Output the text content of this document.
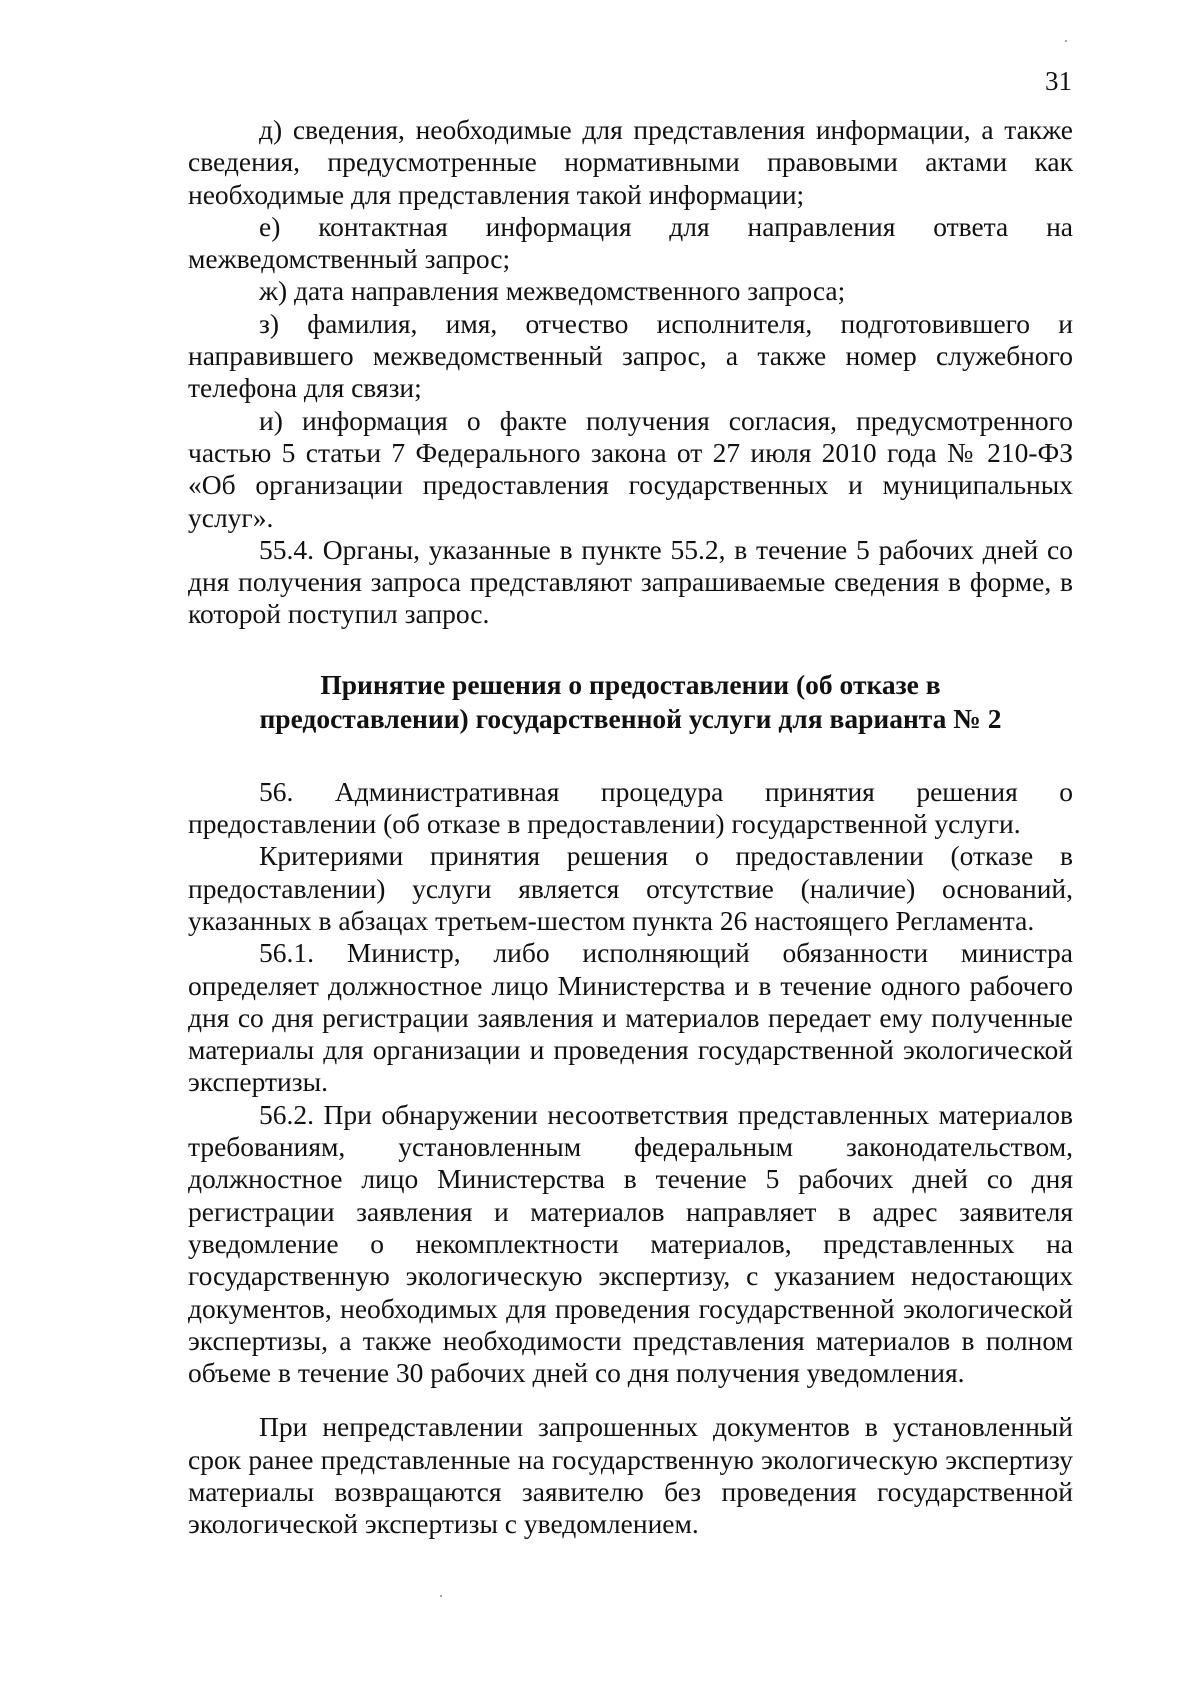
31

д) сведения, необходимые для представления информации, а также сведения, предусмотренные нормативными правовыми актами как необходимые для представления такой информации;

е) контактная информация для направления ответа на межведомственный запрос;

ж) дата направления межведомственного запроса;

з) фамилия, имя, отчество исполнителя, подготовившего и направившего межведомственный запрос, а также номер служебного телефона для связи;

и) информация о факте получения согласия, предусмотренного частью 5 статьи 7 Федерального закона от 27 июля 2010 года № 210-ФЗ «Об организации предоставления государственных и муниципальных услуг».

55.4. Органы, указанные в пункте 55.2, в течение 5 рабочих дней со дня получения запроса представляют запрашиваемые сведения в форме, в которой поступил запрос.

Принятие решения о предоставлении (об отказе в
предоставлении) государственной услуги для варианта № 2

56. Административная процедура принятия решения о предоставлении (об отказе в предоставлении) государственной услуги.

Критериями принятия решения о предоставлении (отказе в предоставлении) услуги является отсутствие (наличие) оснований, указанных в абзацах третьем-шестом пункта 26 настоящего Регламента.

56.1. Министр, либо исполняющий обязанности министра определяет должностное лицо Министерства и в течение одного рабочего дня со дня регистрации заявления и материалов передает ему полученные материалы для организации и проведения государственной экологической экспертизы.

56.2. При обнаружении несоответствия представленных материалов требованиям, установленным федеральным законодательством, должностное лицо Министерства в течение 5 рабочих дней со дня регистрации заявления и материалов направляет в адрес заявителя уведомление о некомплектности материалов, представленных на государственную экологическую экспертизу, с указанием недостающих документов, необходимых для проведения государственной экологической экспертизы, а также необходимости представления материалов в полном объеме в течение 30 рабочих дней со дня получения уведомления.

При непредставлении запрошенных документов в установленный срок ранее представленные на государственную экологическую экспертизу материалы возвращаются заявителю без проведения государственной экологической экспертизы с уведомлением.
